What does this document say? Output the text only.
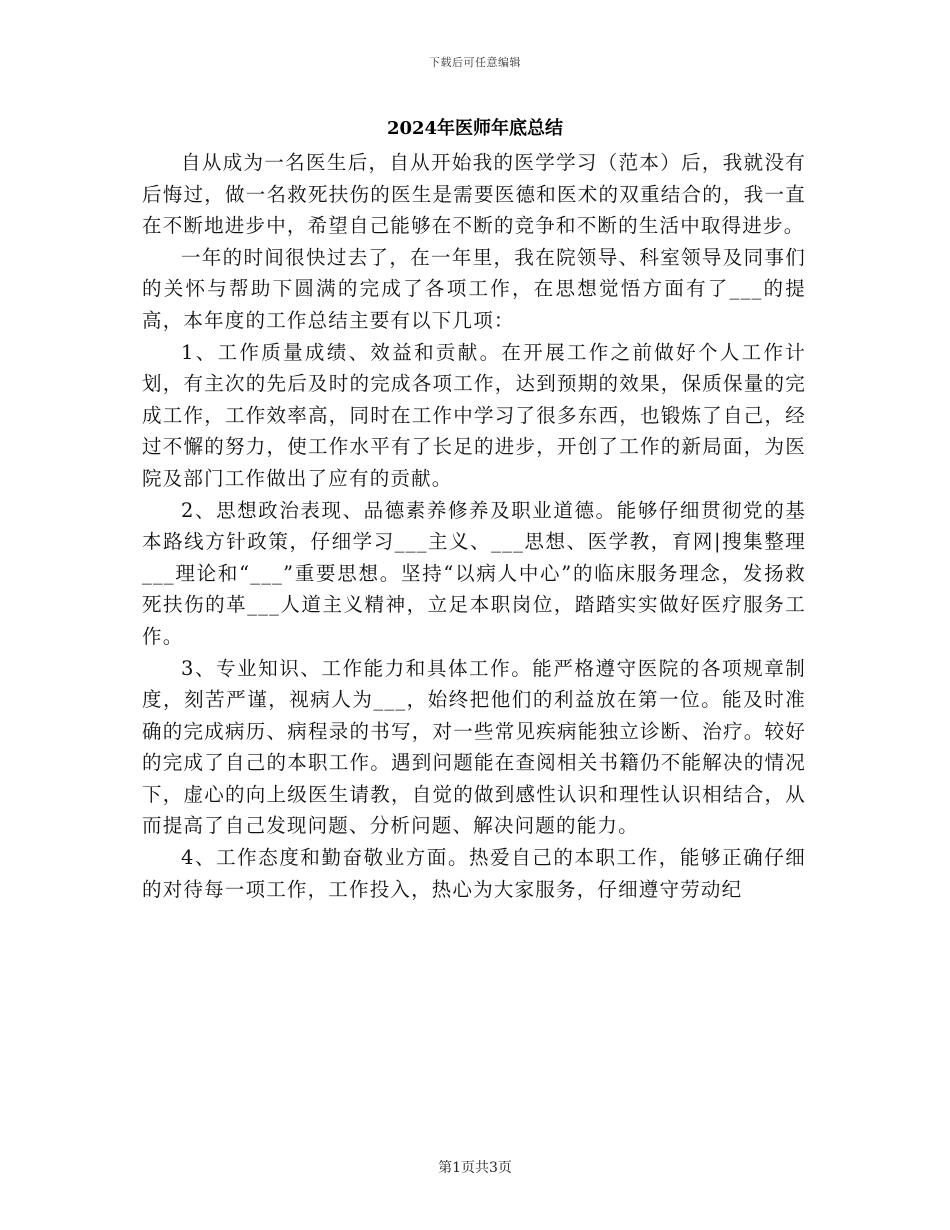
下载后可任意编辑
2024年医师年底总结

自从成为一名医生后，自从开始我的医学学习（范本）后，我就没有后悔过，做一名救死扶伤的医生是需要医德和医术的双重结合的，我一直在不断地进步中，希望自己能够在不断的竞争和不断的生活中取得进步。

一年的时间很快过去了，在一年里，我在院领导、科室领导及同事们的关怀与帮助下圆满的完成了各项工作，在思想觉悟方面有了___的提高，本年度的工作总结主要有以下几项：

1、工作质量成绩、效益和贡献。在开展工作之前做好个人工作计划，有主次的先后及时的完成各项工作，达到预期的效果，保质保量的完成工作，工作效率高，同时在工作中学习了很多东西，也锻炼了自己，经过不懈的努力，使工作水平有了长足的进步，开创了工作的新局面，为医院及部门工作做出了应有的贡献。

2、思想政治表现、品德素养修养及职业道德。能够仔细贯彻党的基本路线方针政策，仔细学习___主义、___思想、医学教，育网|搜集整理___理论和“___”重要思想。坚持“以病人中心”的临床服务理念，发扬救死扶伤的革___人道主义精神，立足本职岗位，踏踏实实做好医疗服务工作。

3、专业知识、工作能力和具体工作。能严格遵守医院的各项规章制度，刻苦严谨，视病人为___，始终把他们的利益放在第一位。能及时准确的完成病历、病程录的书写，对一些常见疾病能独立诊断、治疗。较好的完成了自己的本职工作。遇到问题能在查阅相关书籍仍不能解决的情况下，虚心的向上级医生请教，自觉的做到感性认识和理性认识相结合，从而提高了自己发现问题、分析问题、解决问题的能力。

4、工作态度和勤奋敬业方面。热爱自己的本职工作，能够正确仔细的对待每一项工作，工作投入，热心为大家服务，仔细遵守劳动纪

第1页共3页
